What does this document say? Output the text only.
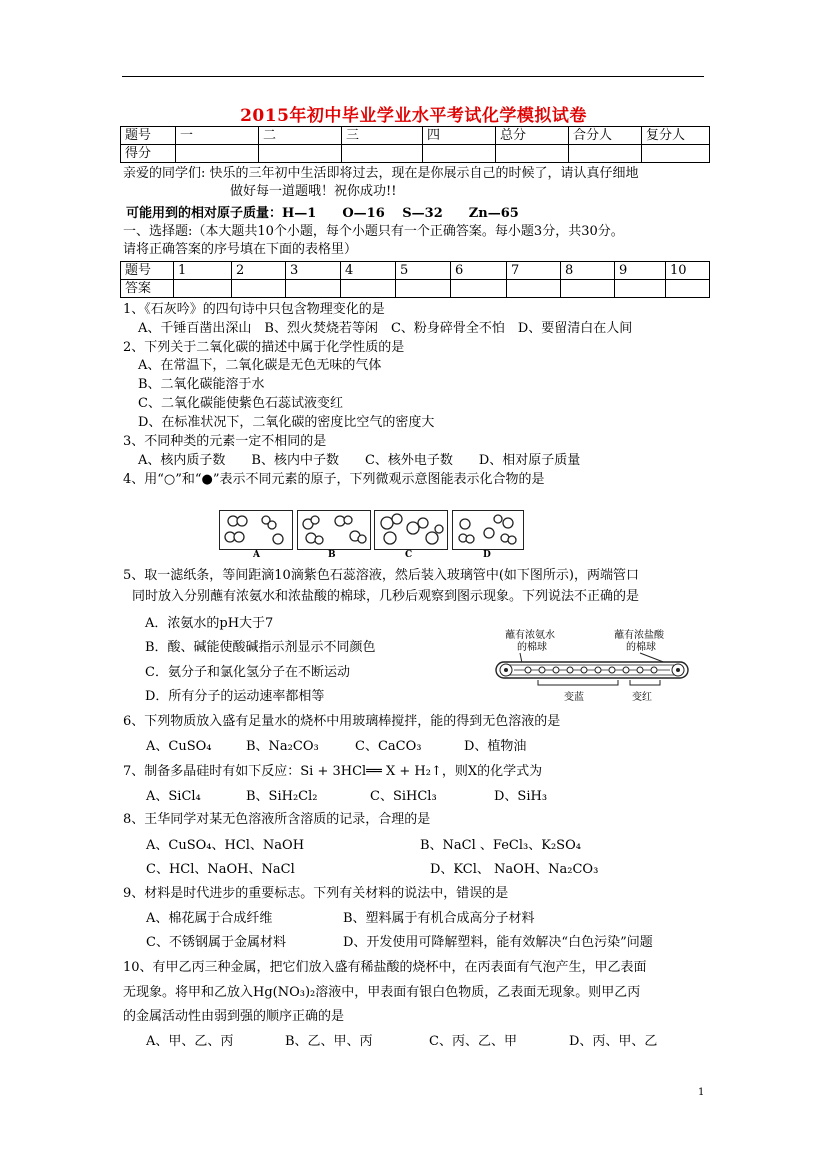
2015年初中毕业学业水平考试化学模拟试卷
题号	一	二	三	四	总分	合分人	复分人
得分							
亲爱的同学们: 快乐的三年初中生活即将过去，现在是你展示自己的时候了，请认真仔细地
做好每一道题哦！祝你成功!!
可能用到的相对原子质量：H—1　　O—16　 S—32　　Zn—65
一、选择题:（本大题共10个小题，每个小题只有一个正确答案。每小题3分，共30分。
请将正确答案的序号填在下面的表格里）
题号	1	2	3	4	5	6	7	8	9	10
答案										
1、《石灰吟》的四句诗中只包含物理变化的是
A、千锤百凿出深山　B、烈火焚烧若等闲　C、粉身碎骨全不怕　D、要留清白在人间
2、下列关于二氧化碳的描述中属于化学性质的是
A、在常温下，二氧化碳是无色无味的气体
B、二氧化碳能溶于水
C、二氧化碳能使紫色石蕊试液变红
D、在标准状况下，二氧化碳的密度比空气的密度大
3、不同种类的元素一定不相同的是
A、核内质子数　　B、核内中子数　　C、核外电子数　　D、相对原子质量
4、用“○”和“●”表示不同元素的原子，下列微观示意图能表示化合物的是
A	B	C	D
5、取一滤纸条，等间距滴10滴紫色石蕊溶液，然后装入玻璃管中(如下图所示)，两端管口
同时放入分别蘸有浓氨水和浓盐酸的棉球，几秒后观察到图示现象。下列说法不正确的是
A．浓氨水的pH大于7
B．酸、碱能使酸碱指示剂显示不同颜色
C．氨分子和氯化氢分子在不断运动
D．所有分子的运动速率都相等
蘸有浓氨水
的棉球
蘸有浓盐酸
的棉球
变蓝	变红
6、下列物质放入盛有足量水的烧杯中用玻璃棒搅拌，能的得到无色溶液的是
A、CuSO₄	B、Na₂CO₃	C、CaCO₃	D、植物油
7、制备多晶硅时有如下反应：Si + 3HCl══ X + H₂↑，则X的化学式为
A、SiCl₄	B、SiH₂Cl₂	C、SiHCl₃	D、SiH₃
8、王华同学对某无色溶液所含溶质的记录，合理的是
A、CuSO₄、HCl、NaOH	B、NaCl 、FeCl₃、K₂SO₄
C、HCl、NaOH、NaCl	D、KCl、 NaOH、Na₂CO₃
9、材料是时代进步的重要标志。下列有关材料的说法中，错误的是
A、棉花属于合成纤维	B、塑料属于有机合成高分子材料
C、不锈钢属于金属材料	D、开发使用可降解塑料，能有效解决“白色污染”问题
10、有甲乙丙三种金属，把它们放入盛有稀盐酸的烧杯中，在丙表面有气泡产生，甲乙表面
无现象。将甲和乙放入Hg(NO₃)₂溶液中，甲表面有银白色物质，乙表面无现象。则甲乙丙
的金属活动性由弱到强的顺序正确的是
A、甲、乙、丙	B、乙、甲、丙	C、丙、乙、甲	D、丙、甲、乙
1
